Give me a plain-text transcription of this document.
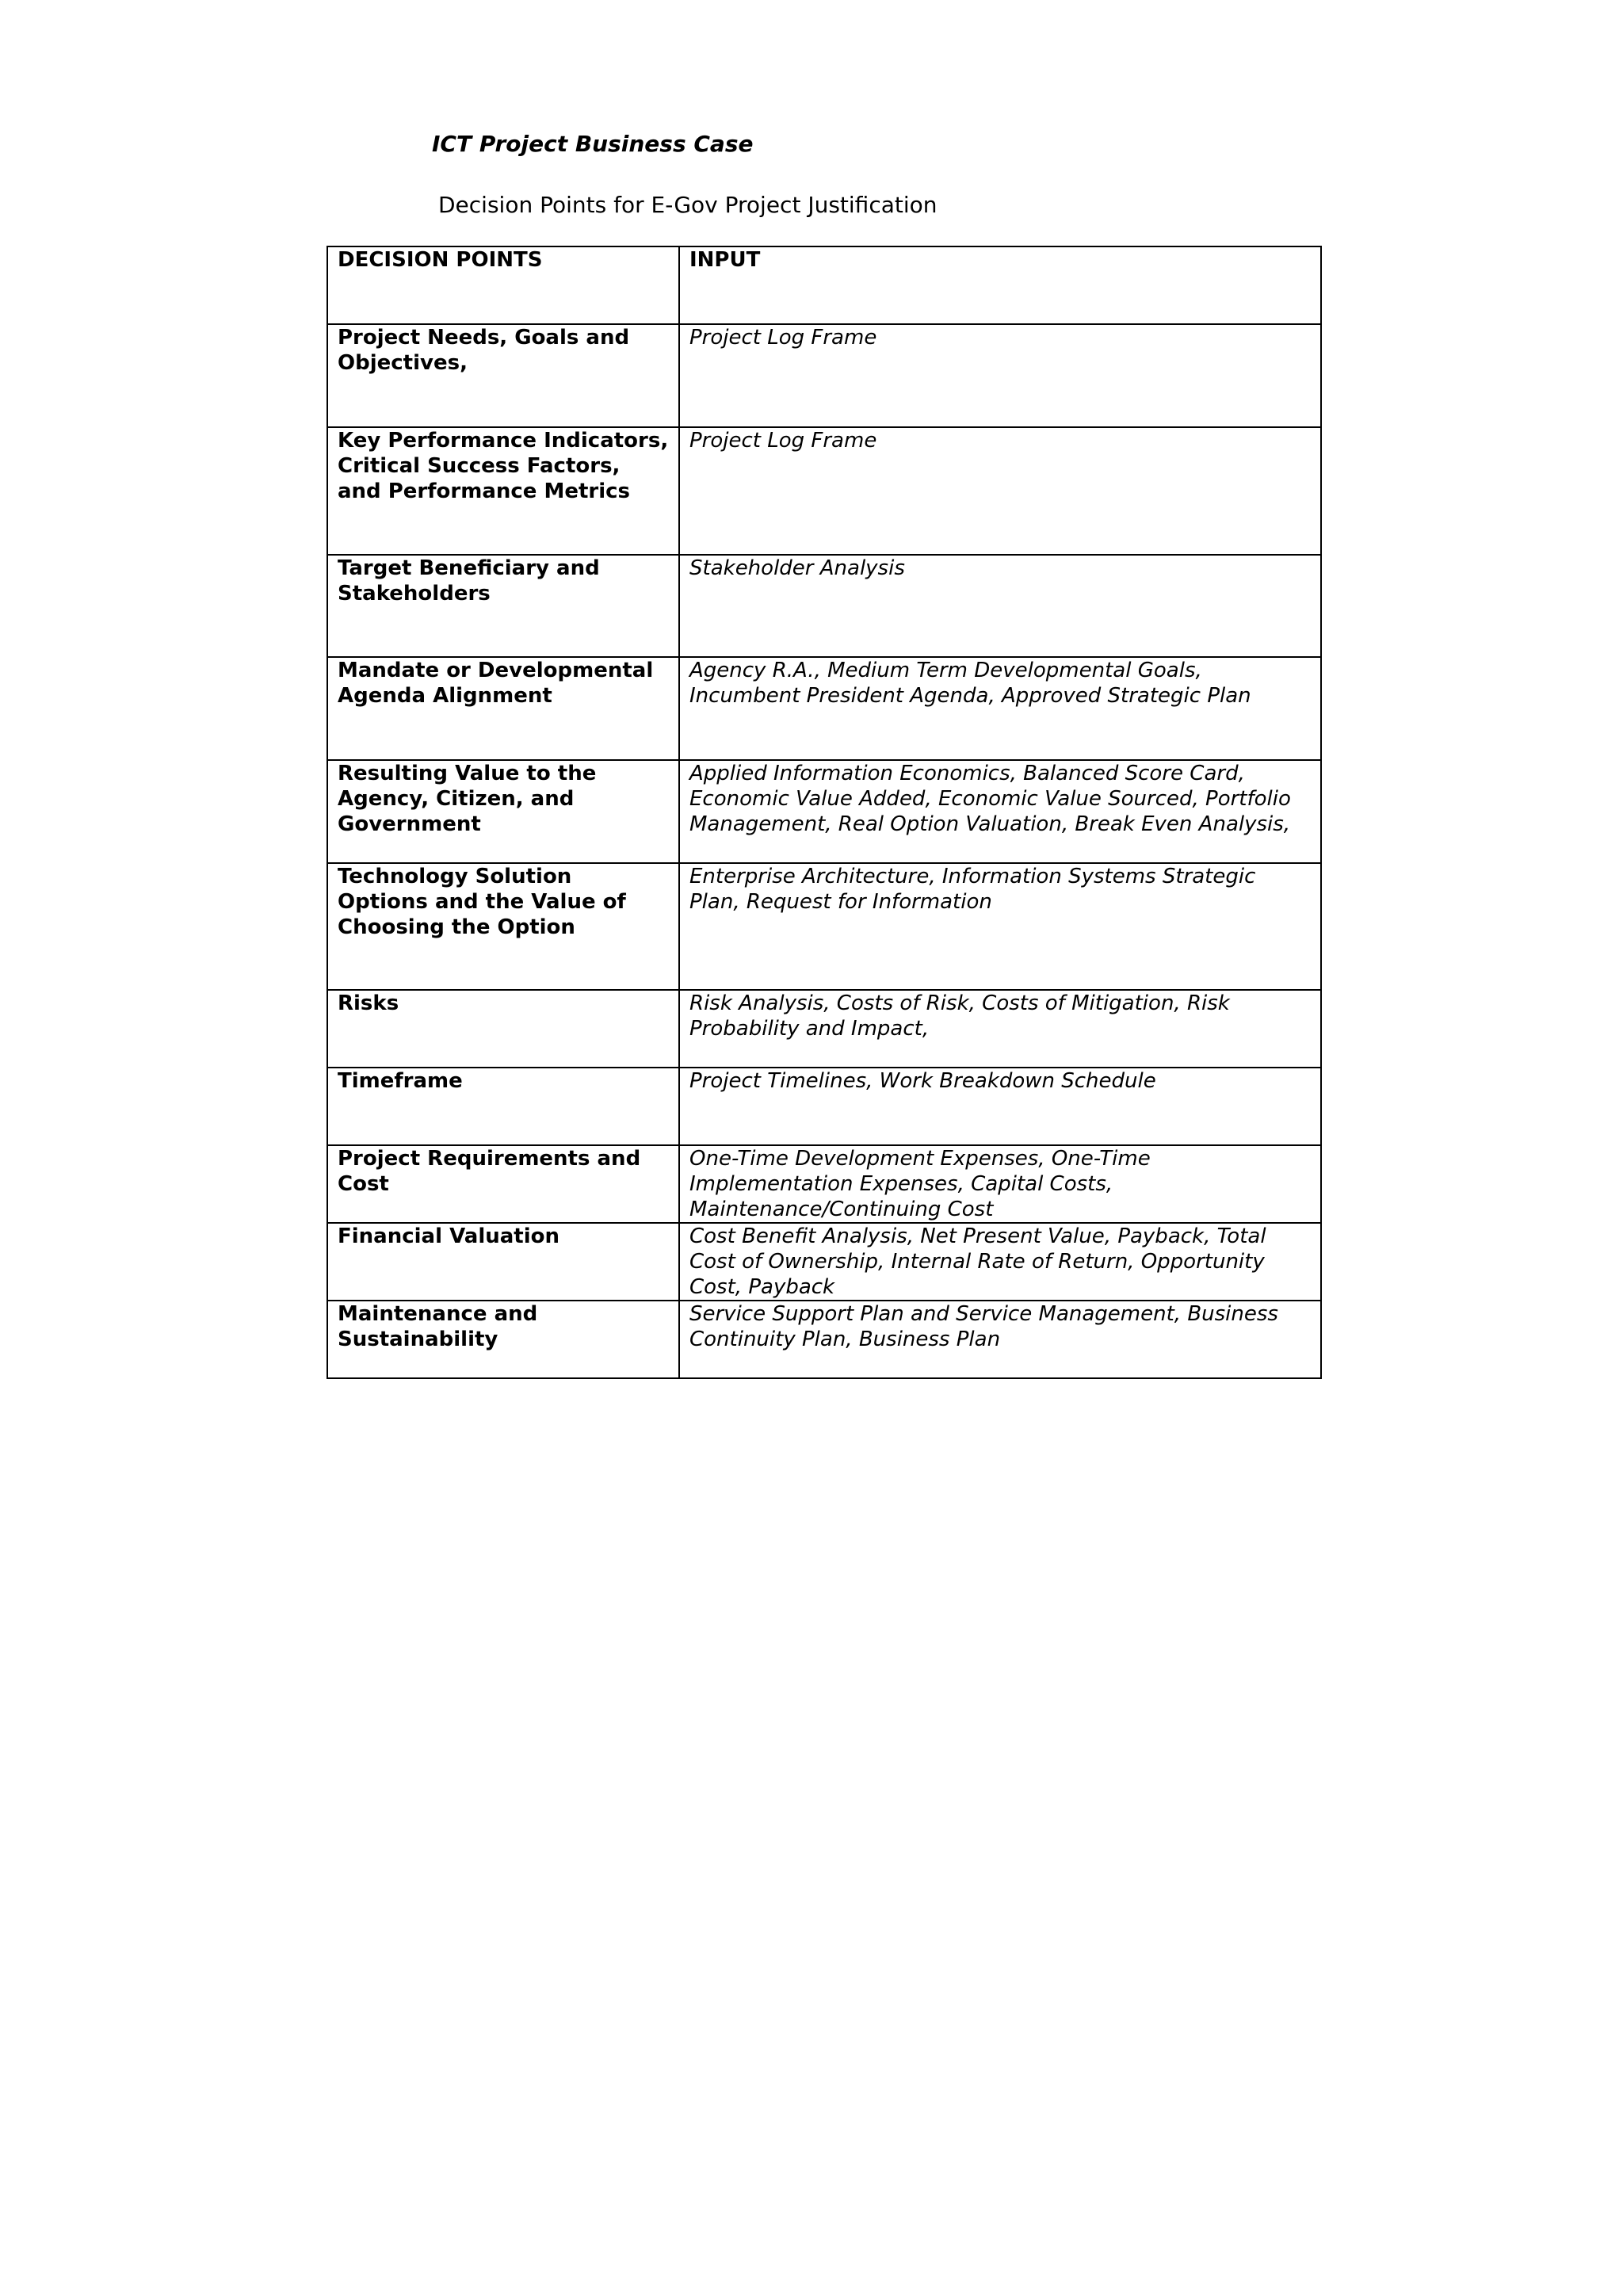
ICT Project Business Case
Decision Points for E-Gov Project Justification
DECISION POINTS	INPUT
Project Needs, Goals and Objectives,	Project Log Frame
Key Performance Indicators, Critical Success Factors, and Performance Metrics	Project Log Frame
Target Beneficiary and Stakeholders	Stakeholder Analysis
Mandate or Developmental Agenda Alignment	Agency R.A., Medium Term Developmental Goals, Incumbent President Agenda, Approved Strategic Plan
Resulting Value to the Agency, Citizen, and Government	Applied Information Economics, Balanced Score Card, Economic Value Added, Economic Value Sourced, Portfolio Management, Real Option Valuation, Break Even Analysis,
Technology Solution Options and the Value of Choosing the Option	Enterprise Architecture, Information Systems Strategic Plan, Request for Information
Risks	Risk Analysis, Costs of Risk, Costs of Mitigation, Risk Probability and Impact,
Timeframe	Project Timelines, Work Breakdown Schedule
Project Requirements and Cost	One-Time Development Expenses, One-Time Implementation Expenses, Capital Costs, Maintenance/Continuing Cost
Financial Valuation	Cost Benefit Analysis, Net Present Value, Payback, Total Cost of Ownership, Internal Rate of Return, Opportunity Cost, Payback
Maintenance and Sustainability	Service Support Plan and Service Management, Business Continuity Plan, Business Plan
